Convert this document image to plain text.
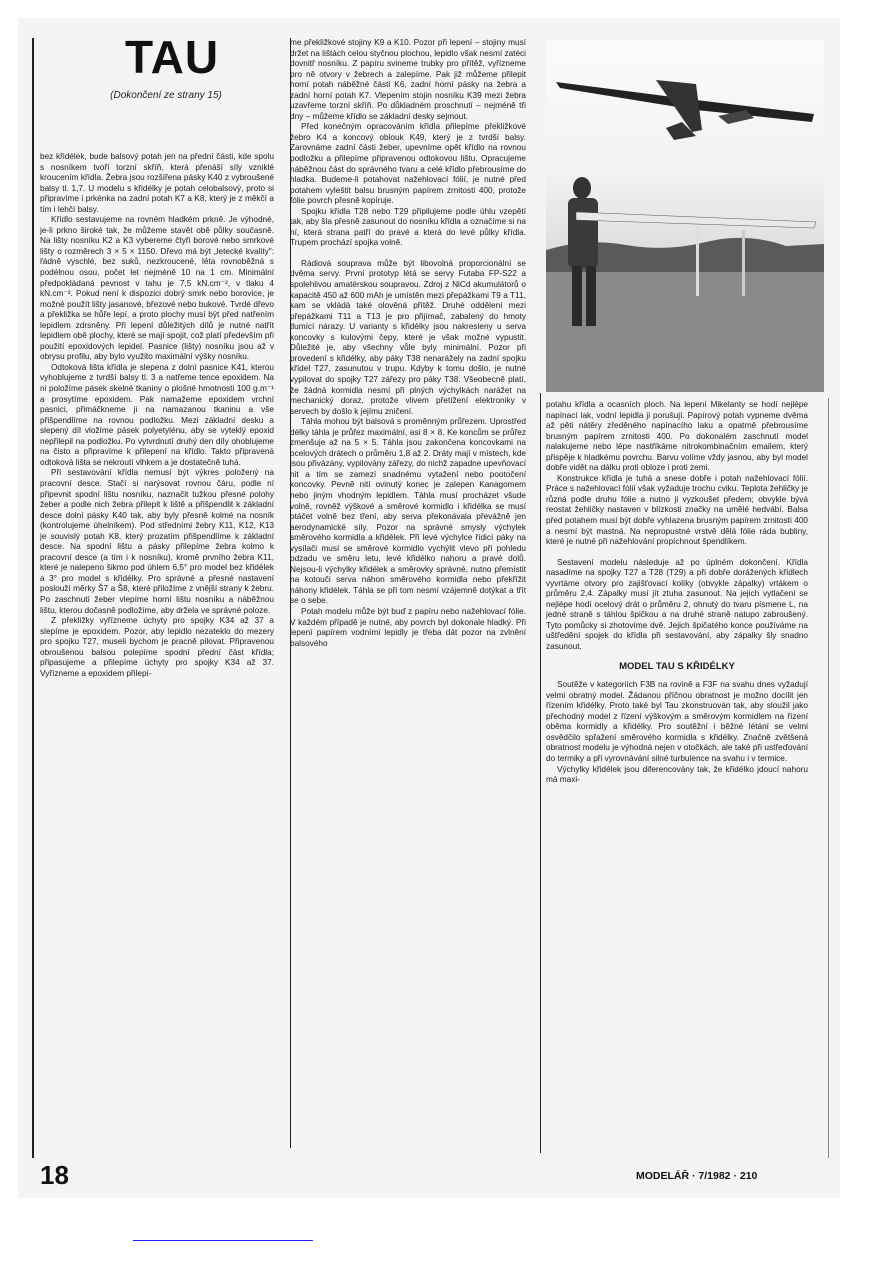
TAU
(Dokončení ze strany 15)

bez křidélek, bude balsový potah jen na přední části, kde spolu s nosníkem tvoří torzní skříň, která přenáší síly vzniklé kroucením křídla. Žebra jsou rozšířena pásky K40 z vybroušené balsy tl. 1,7. U modelu s křidélky je potah celobalsový, proto si připravíme i prkénka na zadní potah K7 a K8, který je z měkčí a tím i lehčí balsy.

Křídlo sestavujeme na rovném hladkém prkně. Je výhodné, je-li prkno široké tak, že můžeme stavět obě půlky současně. Na lišty nosníku K2 a K3 vybereme čtyři borové nebo smrkové lišty o rozměrech 3 × 5 × 1150. Dřevo má být „letecké kvality": řádně vyschlé, bez suků, nezkroucené, léta rovnoběžná s podélnou osou, počet let nejméně 10 na 1 cm. Minimální předpokládaná pevnost v tahu je 7,5 kN.cm⁻², v tlaku 4 kN.cm⁻². Pokud není k dispozici dobrý smrk nebo borovice, je možné použít lišty jasanové, březové nebo bukové. Tvrdé dřevo a překližka se hůře lepí, a proto plochy musí být před natřením lepidlem zdrsněny. Při lepení důležitých dílů je nutné natřít lepidlem obě plochy, které se mají spojit, což platí především při použití epoxidových lepidel. Pasnice (lišty) nosníku jsou až v obrysu profilu, aby bylo využito maximální výšky nosníku.

Odtoková lišta křídla je slepena z dolní pasnice K41, kterou vyhoblujeme z tvrdší balsy tl. 3 a natřeme tence epoxidem. Na ni položíme pásek skelné tkaniny o plošné hmotnosti 100 g.m⁻¹ a prosytíme epoxidem. Pak namažeme epoxidem vrchní pasnici, přimáčkneme ji na namazanou tkaninu a vše přišpendlíme na rovnou podložku. Mezi základní desku a slepený díl vložíme pásek polyetylénu, aby se vyteklý epoxid nepřilepil na podložku. Po vytvrdnutí druhý den díly ohoblujeme na čisto a připravíme k přilepení na křídlo. Takto připravená odtoková lišta se nekroutí vlhkem a je dostatečně tuhá.

Při sestavování křídla nemusí být výkres položený na pracovní desce. Stačí si narýsovat rovnou čáru, podle ní připevnit spodní lištu nosníku, naznačit tužkou přesné polohy žeber a podle nich žebra přilepit k liště a přišpendlit k základní desce dolní pásky K40 tak, aby byly přesně kolmé na nosník (kontrolujeme úhelníkem). Pod středními žebry K11, K12, K13 je souvislý potah K8, který prozatím přišpendlíme k základní desce. Na spodní lištu a pásky přilepíme žebra kolmo k pracovní desce (a tím i k nosníku), kromě prvního žebra K11, které je nalepeno šikmo pod úhlem 6,5° pro model bez křidélek a 3° pro model s křidélky. Pro správné a přesné nastavení poslouží měrky Š7 a Š8, které přiložíme z vnější strany k žebru. Po zaschnutí žeber vlepíme horní lištu nosníku a náběžnou lištu, kterou dočasně podložíme, aby držela ve správné poloze.

Z překližky vyřízneme úchyty pro spojky K34 až 37 a slepíme je epoxidem. Pozor, aby lepidlo nezateklo do mezery pro spojku T27, museli bychom je pracně pilovat. Připravenou obroušenou balsou polepíme spodní přední část křídla; připasujeme a přilepíme úchyty pro spojky K34 až 37. Vyřízneme a epoxidem přilepí-

me překližkové stojiny K9 a K10. Pozor při lepení – stojiny musí držet na lištách celou styčnou plochou, lepidlo však nesmí zatéci dovnitř nosníku. Z papíru svineme trubky pro přítěž, vyřízneme pro ně otvory v žebrech a zalepíme. Pak již můžeme přilepit horní potah náběžné části K6, zadní horní pásky na žebra a zadní horní potah K7. Vlepením stojin nosníku K39 mezi žebra uzavřeme torzní skříň. Po důkladném proschnutí – nejméně tři dny – můžeme křídlo se základní desky sejmout.

Před konečným opracováním křídla přilepíme překližkové žebro K4 a koncový oblouk K49, který je z tvrdší balsy. Zarovnáme zadní části žeber, upevníme opět křídlo na rovnou podložku a přilepíme připravenou odtokovou lištu. Opracujeme náběžnou část do správného tvaru a celé křídlo přebrousíme do hladka. Budeme-li potahovat nažehlovací fólií, je nutné před potahem vyleštit balsu brusným papírem zrnitosti 400, protože fólie povrch přesně kopíruje.

Spojku křídla T28 nebo T29 připilujeme podle úhlu vzepětí tak, aby šla přesně zasunout do nosníku křídla a označíme si na ní, která strana patří do pravé a která do levé půlky křídla. Trupem prochází spojka volně.

Rádiová souprava může být libovolná proporcionální se dvěma servy. První prototyp létá se servy Futaba FP-S22 a spolehlivou amatérskou soupravou. Zdroj z NiCd akumulátorů o kapacitě 450 až 600 mAh je umístěn mezi přepážkami T9 a T11, kam se vkládá také olověná přítěž. Druhé oddělení mezi přepážkami T11 a T13 je pro přijímač, zabalený do hmoty tlumící nárazy. U varianty s křidélky jsou nakresleny u serva koncovky s kulovými čepy, které je však možné vypustit. Důležité je, aby všechny vůle byly minimální. Pozor při provedení s křidélky, aby páky T38 nenarážely na zadní spojku křídel T27, zasunutou v trupu. Kdyby k tomu došlo, je nutné vypilovat do spojky T27 zářezy pro páky T38. Všeobecně platí, že žádná kormidla nesmí při plných výchylkách narážet na mechanický doraz, protože vlivem přetížení elektroniky v servech by došlo k jejímu zničení.

Táhla mohou být balsová s proměnným průřezem. Uprostřed délky táhla je průřez maximální, asi 8 × 8. Ke koncům se průřez zmenšuje až na 5 × 5. Táhla jsou zakončena koncovkami na ocelových drátech o průměru 1,8 až 2. Dráty mají v místech, kde jsou přivázány, vypilovány zářezy, do nichž zapadne upevňovací nit a tím se zamezí snadnému vytažení nebo pootočení koncovky. Pevně nití ovinutý konec je zalepen Kanagomem nebo jiným vhodným lepidlem. Táhla musí procházet všude volně, rovněž výškové a směrové kormidlo i křidélka se musí otáčet volně bez tření, aby serva překonávala převážně jen aerodynamické síly. Pozor na správné smysly výchylek směrového kormidla a křidélek. Při levé výchylce řídicí páky na vysílači musí se směrové kormidlo vychýlit vlevo při pohledu odzadu ve směru letu, levé křidélko nahoru a pravé dolů. Nejsou-li výchylky křidélek a směrovky správné, nutno přemístit na kotouči serva náhon směrového kormidla nebo překřížit náhony křidélek. Táhla se při tom nesmí vzájemně dotýkat a třít se o sebe.

Potah modelu může být buď z papíru nebo nažehlovací fólie. V každém případě je nutné, aby povrch byl dokonale hladký. Při lepení papírem vodními lepidly je třeba dát pozor na zvlnění balsového

potahu křídla a ocasních ploch. Na lepení Mikelanty se hodí nejlépe napínací lak, vodní lepidla ji porušují. Papírový potah vypneme dvěma až pěti nátěry zředěného napínacího laku a opatrně přebrousíme brusným papírem zrnitosti 400. Po dokonalém zaschnutí model nalakujeme nebo lépe nastříkáme nitrokombinačním emailem, který přispěje k hladkému povrchu. Barvu volíme vždy jasnou, aby byl model dobře vidět na dálku proti obloze i proti zemi.

Konstrukce křídla je tuhá a snese dobře i potah nažehlovací fólií. Práce s nažehlovací fólií však vyžaduje trochu cviku. Teplota žehličky je různá podle druhu fólie a nutno ji vyzkoušet předem; obvykle bývá reostat žehličky nastaven v blízkosti značky na umělé hedvábí. Balsa před potahem musí být dobře vyhlazena brusným papírem zrnitosti 400 a nesmí být mastná. Na nepropustné vrstvě dělá fólie ráda bubliny, které je nutné při nažehlování propíchnout špendlíkem.

Sestavení modelu následuje až po úplném dokončení. Křídla nasadíme na spojky T27 a T28 (T29) a při dobře dorážených křídlech vyvrtáme otvory pro zajišťovací kolíky (obvykle zápalky) vrtákem o průměru 2,4. Zápalky musí jít ztuha zasunout. Na jejich vytlačení se nejlépe hodí ocelový drát o průměru 2, ohnutý do tvaru písmene L, na jedné straně s táhlou špičkou a na druhé straně natupo zabroušený. Tyto pomůcky si zhotovíme dvě. Jejich špičatého konce používáme na uštředění spojek do křídla při sestavování, aby zápalky šly snadno zasunout.

MODEL TAU S KŘIDÉLKY

Soutěže v kategoriích F3B na rovině a F3F na svahu dnes vyžadují velmi obratný model. Žádanou příčnou obratnost je možno docílit jen řízením křidélky. Proto také byl Tau zkonstruován tak, aby sloužil jako přechodný model z řízení výškovým a směrovým kormidlem na řízení oběma kormidly a křidélky. Pro soutěžní i běžné létání se velmi osvědčilo spřažení směrového kormidla s křidélky. Značně zvětšená obratnost modelu je výhodná nejen v otočkách, ale také při ustřeďování do termiky a při vyrovnávání silné turbulence na svahu i v termice.

Výchylky křidélek jsou diferencovány tak, že křidélko jdoucí nahoru má maxi-

18	MODELÁŘ · 7/1982 · 210
